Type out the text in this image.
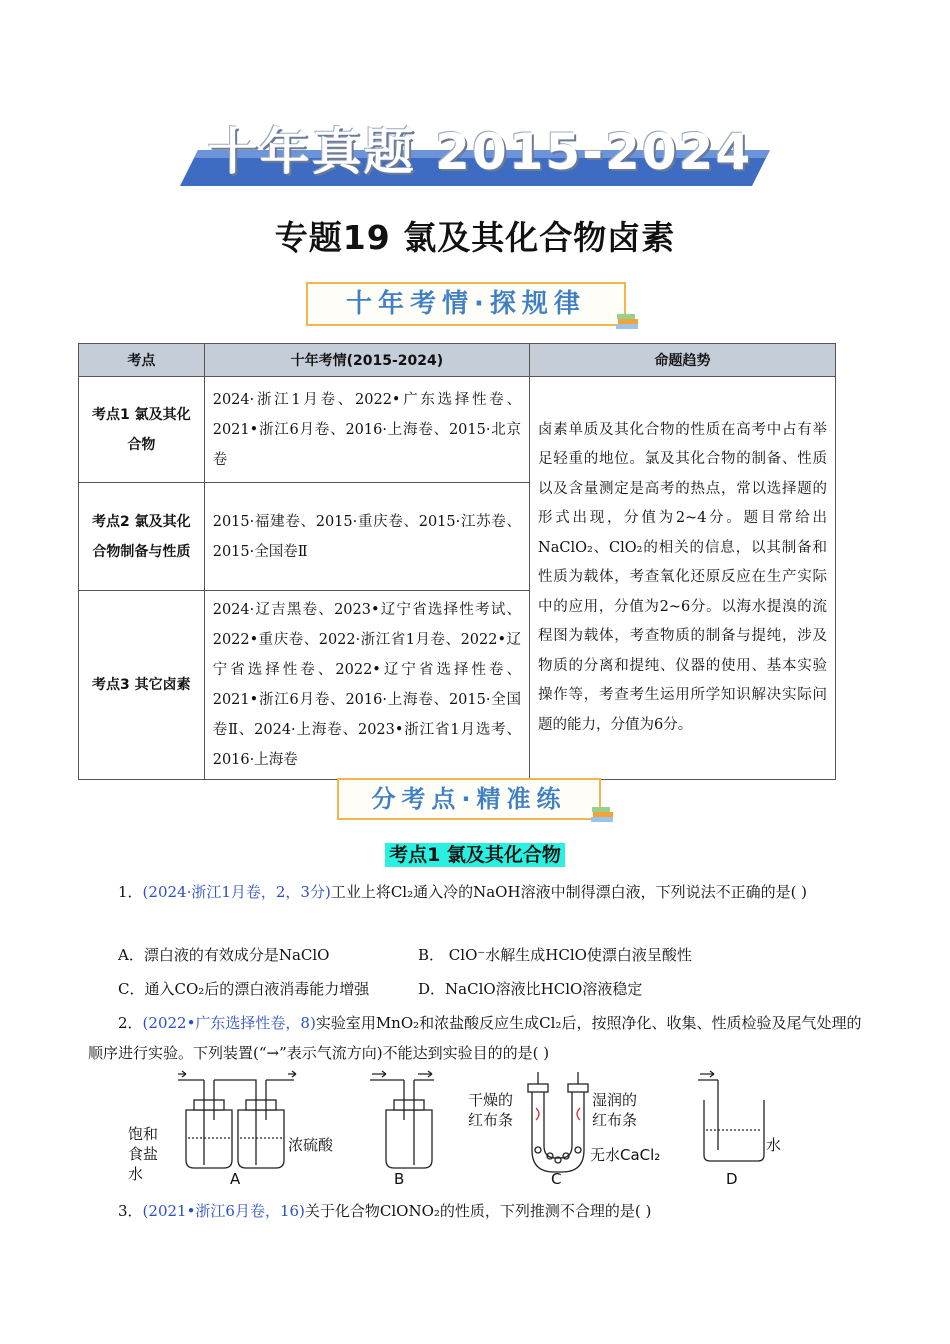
十年真题 2015-2024
专题19 氯及其化合物卤素
十年考情·探规律
考点	十年考情(2015-2024)	命题趋势
考点1 氯及其化合物	2024·浙江1月卷、2022•广东选择性卷、2021•浙江6月卷、2016·上海卷、2015·北京卷	卤素单质及其化合物的性质在高考中占有举足轻重的地位。氯及其化合物的制备、性质以及含量测定是高考的热点，常以选择题的形式出现，分值为2~4分。题目常给出NaClO₂、ClO₂的相关的信息，以其制备和性质为载体，考查氧化还原反应在生产实际中的应用，分值为2~6分。以海水提溴的流程图为载体，考查物质的制备与提纯，涉及物质的分离和提纯、仪器的使用、基本实验操作等，考查考生运用所学知识解决实际问题的能力，分值为6分。
考点2 氯及其化合物制备与性质	2015·福建卷、2015·重庆卷、2015·江苏卷、2015·全国卷Ⅱ	
考点3 其它卤素	2024·辽吉黑卷、2023•辽宁省选择性考试、2022•重庆卷、2022·浙江省1月卷、2022•辽宁省选择性卷、2022•辽宁省选择性卷、2021•浙江6月卷、2016·上海卷、2015·全国卷Ⅱ、2024·上海卷、2023•浙江省1月选考、2016·上海卷	
分考点·精准练
考点1 氯及其化合物
1．(2024·浙江1月卷，2，3分)工业上将Cl₂通入冷的NaOH溶液中制得漂白液，下列说法不正确的是( )
A．漂白液的有效成分是NaClO	B． ClO⁻水解生成HClO使漂白液呈酸性
C．通入CO₂后的漂白液消毒能力增强	D．NaClO溶液比HClO溶液稳定
2．(2022•广东选择性卷，8)实验室用MnO₂和浓盐酸反应生成Cl₂后，按照净化、收集、性质检验及尾气处理的顺序进行实验。下列装置(“→”表示气流方向)不能达到实验目的的是( )
饱和食盐水
浓硫酸
干燥的红布条
湿润的红布条
无水CaCl₂
水
A	B	C	D
3．(2021•浙江6月卷，16)关于化合物ClONO₂的性质，下列推测不合理的是( )
